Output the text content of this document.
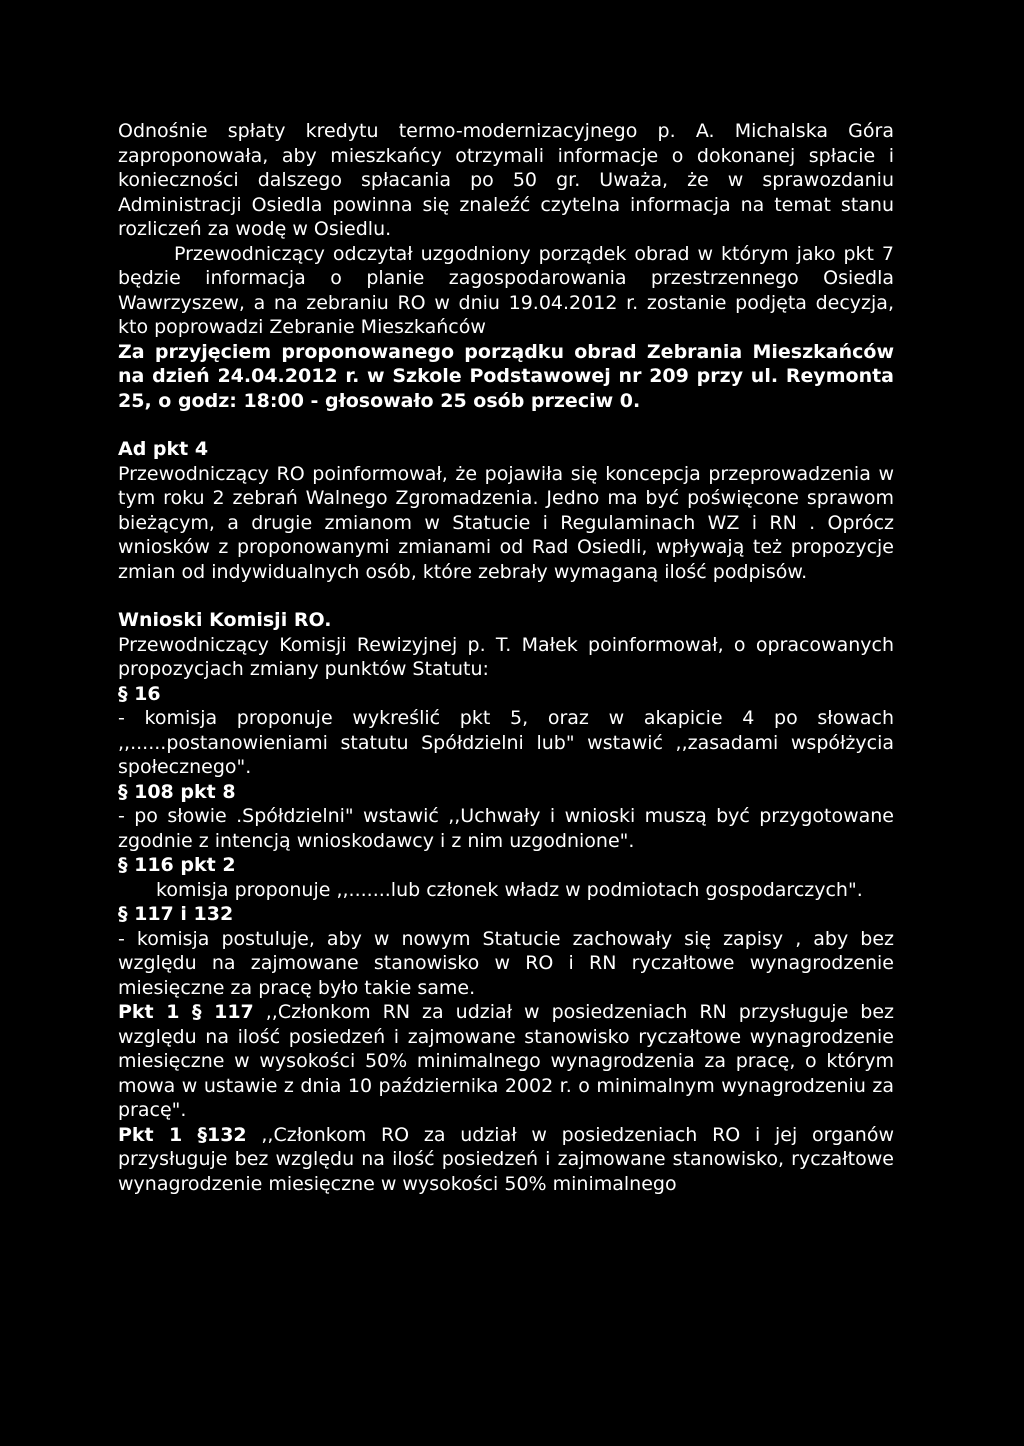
Odnośnie spłaty kredytu termo-modernizacyjnego p. A. Michalska Góra zaproponowała, aby mieszkańcy otrzymali informacje o dokonanej spłacie i konieczności dalszego spłacania po 50 gr. Uważa, że w sprawozdaniu Administracji Osiedla powinna się znaleźć czytelna informacja na temat stanu rozliczeń za wodę w Osiedlu.

Przewodniczący odczytał uzgodniony porządek obrad w którym jako pkt 7 będzie informacja o planie zagospodarowania przestrzennego Osiedla Wawrzyszew, a na zebraniu RO w dniu 19.04.2012 r. zostanie podjęta decyzja, kto poprowadzi Zebranie Mieszkańców

Za przyjęciem proponowanego porządku obrad Zebrania Mieszkańców na dzień 24.04.2012 r. w Szkole Podstawowej nr 209 przy ul. Reymonta 25, o godz: 18:00 - głosowało 25 osób przeciw 0.

Ad pkt 4

Przewodniczący RO poinformował, że pojawiła się koncepcja przeprowadzenia w tym roku 2 zebrań Walnego Zgromadzenia. Jedno ma być poświęcone sprawom bieżącym, a drugie zmianom w Statucie i Regulaminach WZ i RN . Oprócz wniosków z proponowanymi zmianami od Rad Osiedli, wpływają też propozycje zmian od indywidualnych osób, które zebrały wymaganą ilość podpisów.

Wnioski Komisji RO.

Przewodniczący Komisji Rewizyjnej p. T. Małek poinformował, o opracowanych propozycjach zmiany punktów Statutu:

§ 16

- komisja proponuje wykreślić pkt 5, oraz w akapicie 4 po słowach ,,......postanowieniami statutu Spółdzielni lub" wstawić ,,zasadami współżycia społecznego".

§ 108 pkt 8

- po słowie .Spółdzielni" wstawić ,,Uchwały i wnioski muszą być przygotowane zgodnie z intencją wnioskodawcy i z nim uzgodnione".

§ 116 pkt 2

komisja proponuje ,,.......lub członek władz w podmiotach gospodarczych".

§ 117 i 132

- komisja postuluje, aby w nowym Statucie zachowały się zapisy , aby bez względu na zajmowane stanowisko w RO i RN ryczałtowe wynagrodzenie miesięczne za pracę było takie same.

Pkt 1 § 117 ,,Członkom RN za udział w posiedzeniach RN przysługuje bez względu na ilość posiedzeń i zajmowane stanowisko ryczałtowe wynagrodzenie miesięczne w wysokości 50% minimalnego wynagrodzenia za pracę, o którym mowa w ustawie z dnia 10 października 2002 r. o minimalnym wynagrodzeniu za pracę".

Pkt 1 §132 ,,Członkom RO za udział w posiedzeniach RO i jej organów przysługuje bez względu na ilość posiedzeń i zajmowane stanowisko, ryczałtowe wynagrodzenie miesięczne w wysokości 50% minimalnego
